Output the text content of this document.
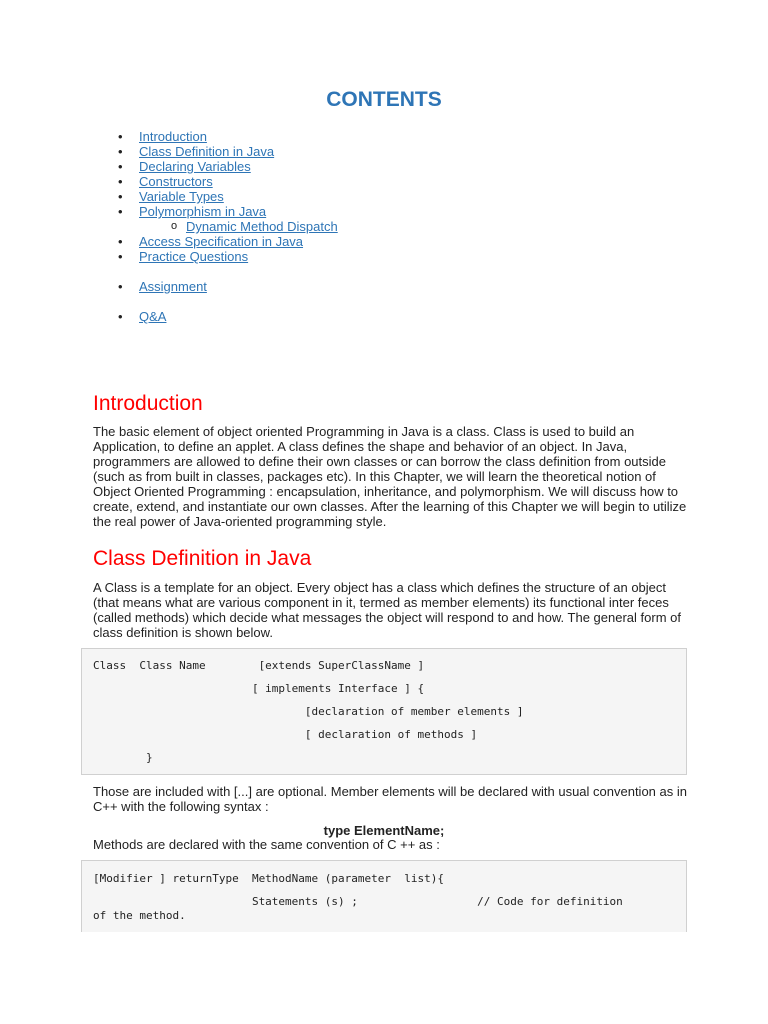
CONTENTS
• Introduction
• Class Definition in Java
• Declaring Variables
• Constructors
• Variable Types
• Polymorphism in Java
o Dynamic Method Dispatch
• Access Specification in Java
• Practice Questions
• Assignment
• Q&A
Introduction

The basic element of object oriented Programming in Java is a class. Class is used to build an Application, to define an applet. A class defines the shape and behavior of an object. In Java, programmers are allowed to define their own classes or can borrow the class definition from outside (such as from built in classes, packages etc). In this Chapter, we will learn the theoretical notion of Object Oriented Programming : encapsulation, inheritance, and polymorphism. We will discuss how to create, extend, and instantiate our own classes. After the learning of this Chapter we will begin to utilize the real power of Java-oriented programming style.

Class Definition in Java

A Class is a template for an object. Every object has a class which defines the structure of an object (that means what are various component in it, termed as member elements) its functional inter feces (called methods) which decide what messages the object will respond to and how. The general form of class definition is shown below.

Class  Class Name        [extends SuperClassName ]
[ implements Interface ] {
[declaration of member elements ]
[ declaration of methods ]
}

Those are included with [...] are optional. Member elements will be declared with usual convention as in C++ with the following syntax :

type ElementName;

Methods are declared with the same convention of C ++ as :

[Modifier ] returnType  MethodName (parameter  list){
Statements (s) ;                  // Code for definition
of the method.
